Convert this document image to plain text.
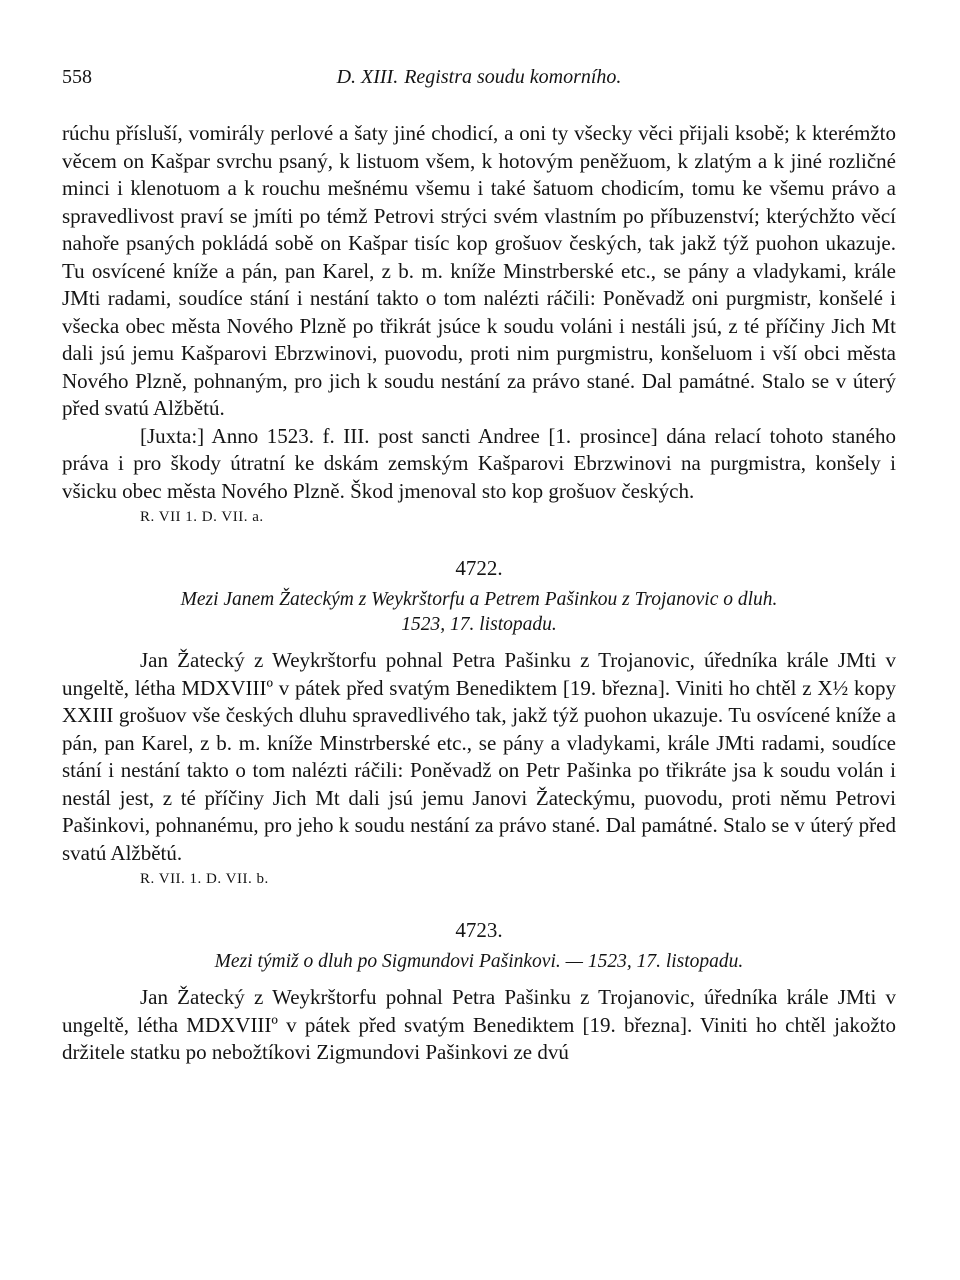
558	D. XIII. Registra soudu komorního.

rúchu přísluší, vomirály perlové a šaty jiné chodicí, a oni ty všecky věci přijali ksobě; k kterémžto věcem on Kašpar svrchu psaný, k listuom všem, k hotovým peněžuom, k zlatým a k jiné rozličné minci i klenotuom a k rouchu mešnému všemu i také šatuom chodicím, tomu ke všemu právo a spravedlivost praví se jmíti po témž Petrovi strýci svém vlastním po příbuzenství; kterýchžto věcí nahoře psaných pokládá sobě on Kašpar tisíc kop grošuov českých, tak jakž týž puohon ukazuje. Tu osvícené kníže a pán, pan Karel, z b. m. kníže Minstrberské etc., se pány a vladykami, krále JMti radami, soudíce stání i nestání takto o tom nalézti ráčili: Poněvadž oni purgmistr, konšelé i všecka obec města Nového Plzně po třikrát jsúce k soudu voláni i nestáli jsú, z té příčiny Jich Mt dali jsú jemu Kašparovi Ebrzwinovi, puovodu, proti nim purgmistru, konšeluom i vší obci města Nového Plzně, pohnaným, pro jich k soudu nestání za právo stané. Dal památné. Stalo se v úterý před svatú Alžbětú.

[Juxta:] Anno 1523. f. III. post sancti Andree [1. prosince] dána relací tohoto staného práva i pro škody útratní ke dskám zemským Kašparovi Ebrzwinovi na purgmistra, konšely i všicku obec města Nového Plzně. Škod jmenoval sto kop grošuov českých.

R. VII 1. D. VII. a.
4722.
Mezi Janem Žateckým z Weykrštorfu a Petrem Pašinkou z Trojanovic o dluh.
1523, 17. listopadu.

Jan Žatecký z Weykrštorfu pohnal Petra Pašinku z Trojanovic, úředníka krále JMti v ungeltě, létha MDXVIIIº v pátek před svatým Benediktem [19. března]. Viniti ho chtěl z X½ kopy XXIII grošuov vše českých dluhu spravedlivého tak, jakž týž puohon ukazuje. Tu osvícené kníže a pán, pan Karel, z b. m. kníže Minstrberské etc., se pány a vladykami, krále JMti radami, soudíce stání i nestání takto o tom nalézti ráčili: Poněvadž on Petr Pašinka po třikráte jsa k soudu volán i nestál jest, z té příčiny Jich Mt dali jsú jemu Janovi Žateckýmu, puovodu, proti němu Petrovi Pašinkovi, pohnanému, pro jeho k soudu nestání za právo stané. Dal památné. Stalo se v úterý před svatú Alžbětú.

R. VII. 1. D. VII. b.
4723.
Mezi týmiž o dluh po Sigmundovi Pašinkovi. — 1523, 17. listopadu.

Jan Žatecký z Weykrštorfu pohnal Petra Pašinku z Trojanovic, úředníka krále JMti v ungeltě, létha MDXVIIIº v pátek před svatým Benediktem [19. března]. Viniti ho chtěl jakožto držitele statku po nebožtíkovi Zigmundovi Pašinkovi ze dvú
